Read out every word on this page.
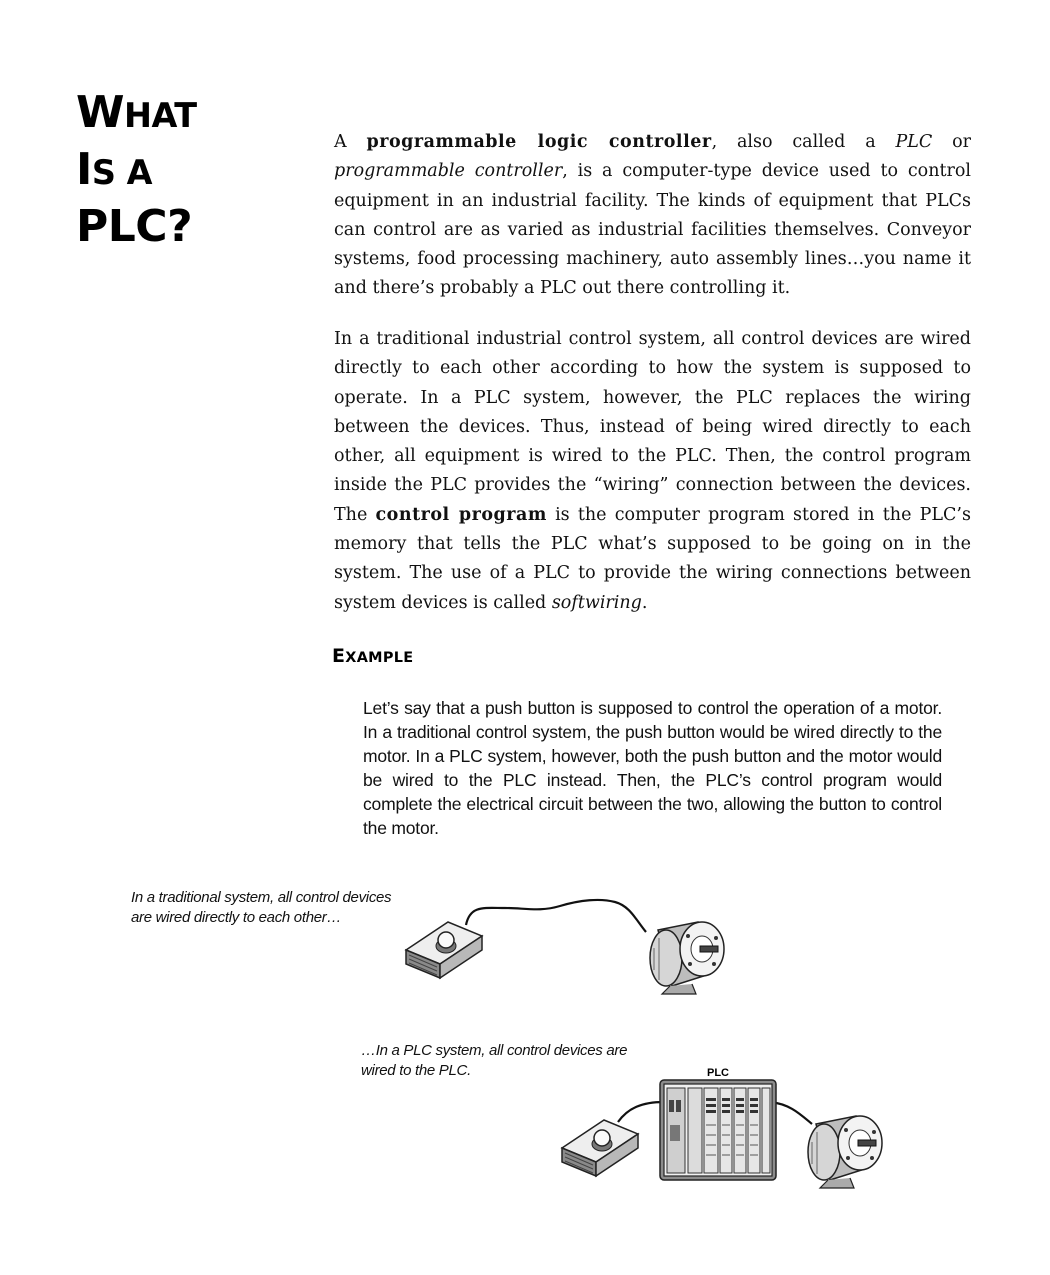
WHAT
IS A
PLC?

A programmable logic controller, also called a PLC or programmable controller, is a computer-type device used to control equipment in an industrial facility. The kinds of equipment that PLCs can control are as varied as industrial facilities themselves. Conveyor systems, food processing machinery, auto assembly lines…you name it and there’s probably a PLC out there controlling it.

In a traditional industrial control system, all control devices are wired directly to each other according to how the system is supposed to operate. In a PLC system, however, the PLC replaces the wiring between the devices. Thus, instead of being wired directly to each other, all equipment is wired to the PLC. Then, the control program inside the PLC provides the “wiring” connection between the devices. The control program is the computer program stored in the PLC’s memory that tells the PLC what’s supposed to be going on in the system. The use of a PLC to provide the wiring connections between system devices is called softwiring.

EXAMPLE

Let’s say that a push button is supposed to control the operation of a motor. In a traditional control system, the push button would be wired directly to the motor. In a PLC system, however, both the push button and the motor would be wired to the PLC instead. Then, the PLC’s control program would complete the electrical circuit between the two, allowing the button to control the motor.

In a traditional system, all control devices
are wired directly to each other…
…In a PLC system, all control devices are
wired to the PLC.	PLC
